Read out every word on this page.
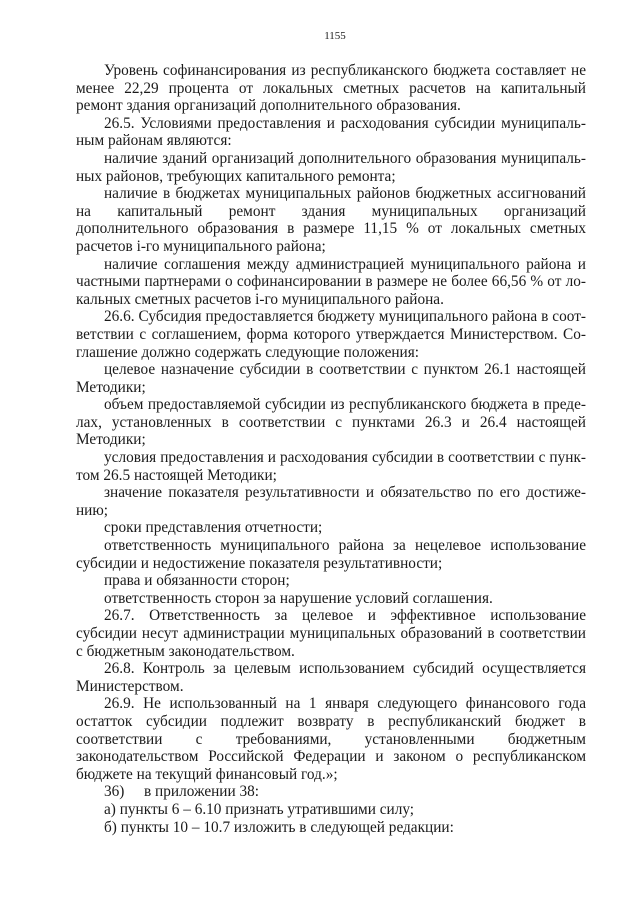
1155

Уровень софинансирования из республиканского бюджета составляет не менее 22,29 процента от локальных сметных расчетов на капитальный ремонт здания организаций дополнительного образования.

26.5. Условиями предоставления и расходования субсидии муниципальным районам являются:

наличие зданий организаций дополнительного образования муниципальных районов, требующих капитального ремонта;

наличие в бюджетах муниципальных районов бюджетных ассигнований на капитальный ремонт здания муниципальных организаций дополнительного образования в размере 11,15 % от локальных сметных расчетов i-го муниципального района;

наличие соглашения между администрацией муниципального района и частными партнерами о софинансировании в размере не более 66,56 % от локальных сметных расчетов i-го муниципального района.

26.6. Субсидия предоставляется бюджету муниципального района в соответствии с соглашением, форма которого утверждается Министерством. Соглашение должно содержать следующие положения:

целевое назначение субсидии в соответствии с пунктом 26.1 настоящей Методики;

объем предоставляемой субсидии из республиканского бюджета в пределах, установленных в соответствии с пунктами 26.3 и 26.4 настоящей Методики;

условия предоставления и расходования субсидии в соответствии с пунктом 26.5 настоящей Методики;

значение показателя результативности и обязательство по его достижению;

сроки представления отчетности;

ответственность муниципального района за нецелевое использование субсидии и недостижение показателя результативности;

права и обязанности сторон;

ответственность сторон за нарушение условий соглашения.

26.7. Ответственность за целевое и эффективное использование субсидии несут администрации муниципальных образований в соответствии с бюджетным законодательством.

26.8. Контроль за целевым использованием субсидий осуществляется Министерством.

26.9. Не использованный на 1 января следующего финансового года остатток субсидии подлежит возврату в республиканский бюджет в соответствии с требованиями, установленными бюджетным законодательством Российской Федерации и законом о республиканском бюджете на текущий финансовый год.»;

36) в приложении 38:

а) пункты 6 – 6.10 признать утратившими силу;

б) пункты 10 – 10.7 изложить в следующей редакции:
